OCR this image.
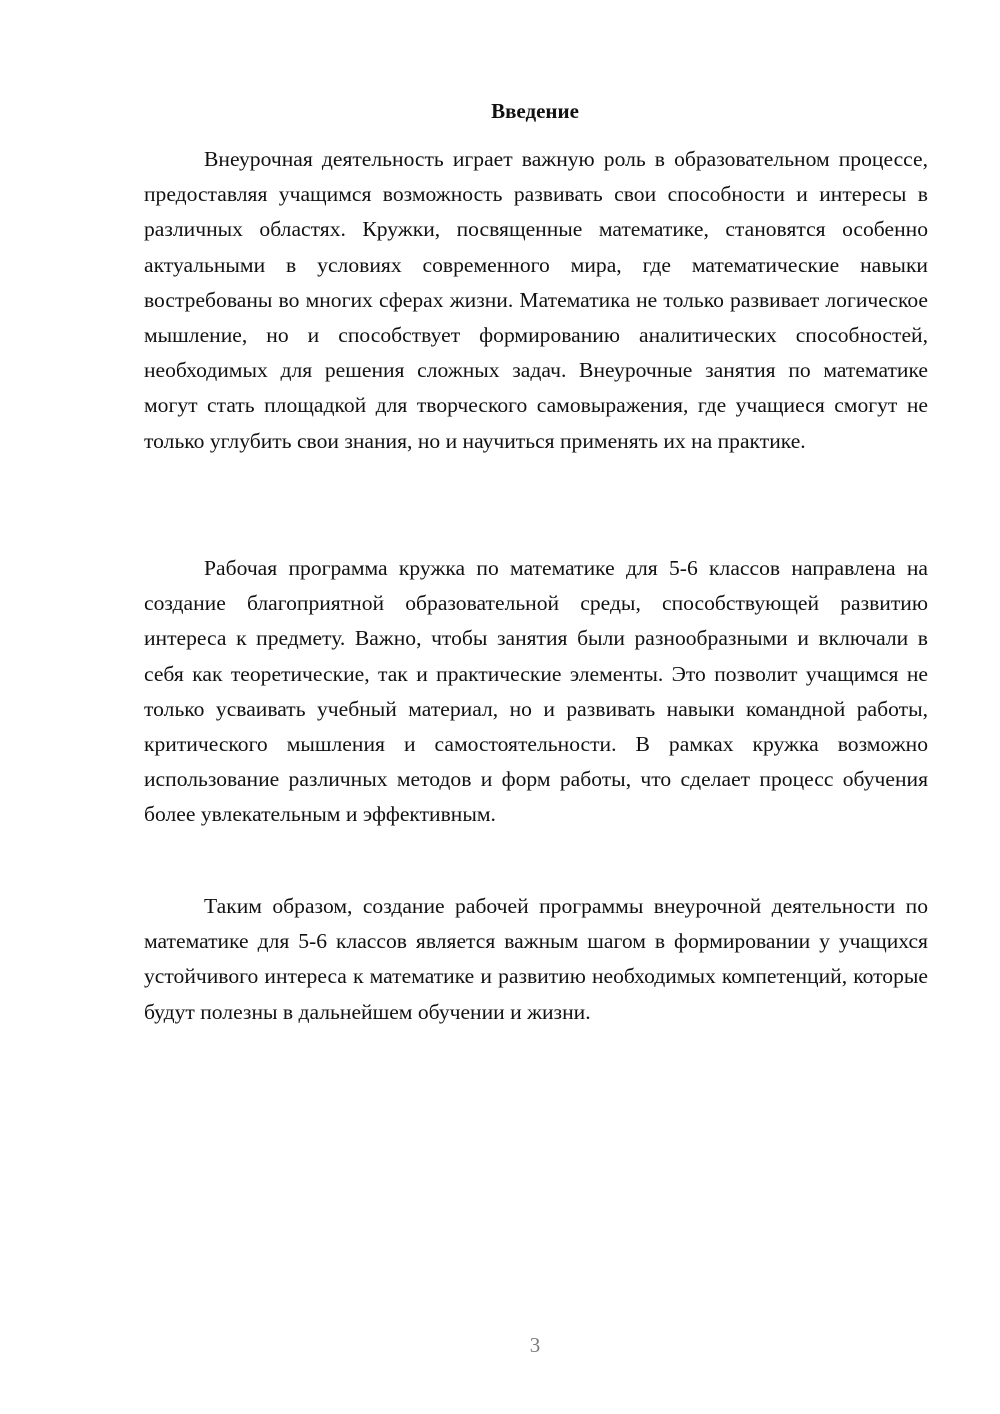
Введение

Внеурочная деятельность играет важную роль в образовательном процессе, предоставляя учащимся возможность развивать свои способности и интересы в различных областях. Кружки, посвященные математике, становятся особенно актуальными в условиях современного мира, где математические навыки востребованы во многих сферах жизни. Математика не только развивает логическое мышление, но и способствует формированию аналитических способностей, необходимых для решения сложных задач. Внеурочные занятия по математике могут стать площадкой для творческого самовыражения, где учащиеся смогут не только углубить свои знания, но и научиться применять их на практике.

Рабочая программа кружка по математике для 5-6 классов направлена на создание благоприятной образовательной среды, способствующей развитию интереса к предмету. Важно, чтобы занятия были разнообразными и включали в себя как теоретические, так и практические элементы. Это позволит учащимся не только усваивать учебный материал, но и развивать навыки командной работы, критического мышления и самостоятельности. В рамках кружка возможно использование различных методов и форм работы, что сделает процесс обучения более увлекательным и эффективным.

Таким образом, создание рабочей программы внеурочной деятельности по математике для 5-6 классов является важным шагом в формировании у учащихся устойчивого интереса к математике и развитию необходимых компетенций, которые будут полезны в дальнейшем обучении и жизни.

3
